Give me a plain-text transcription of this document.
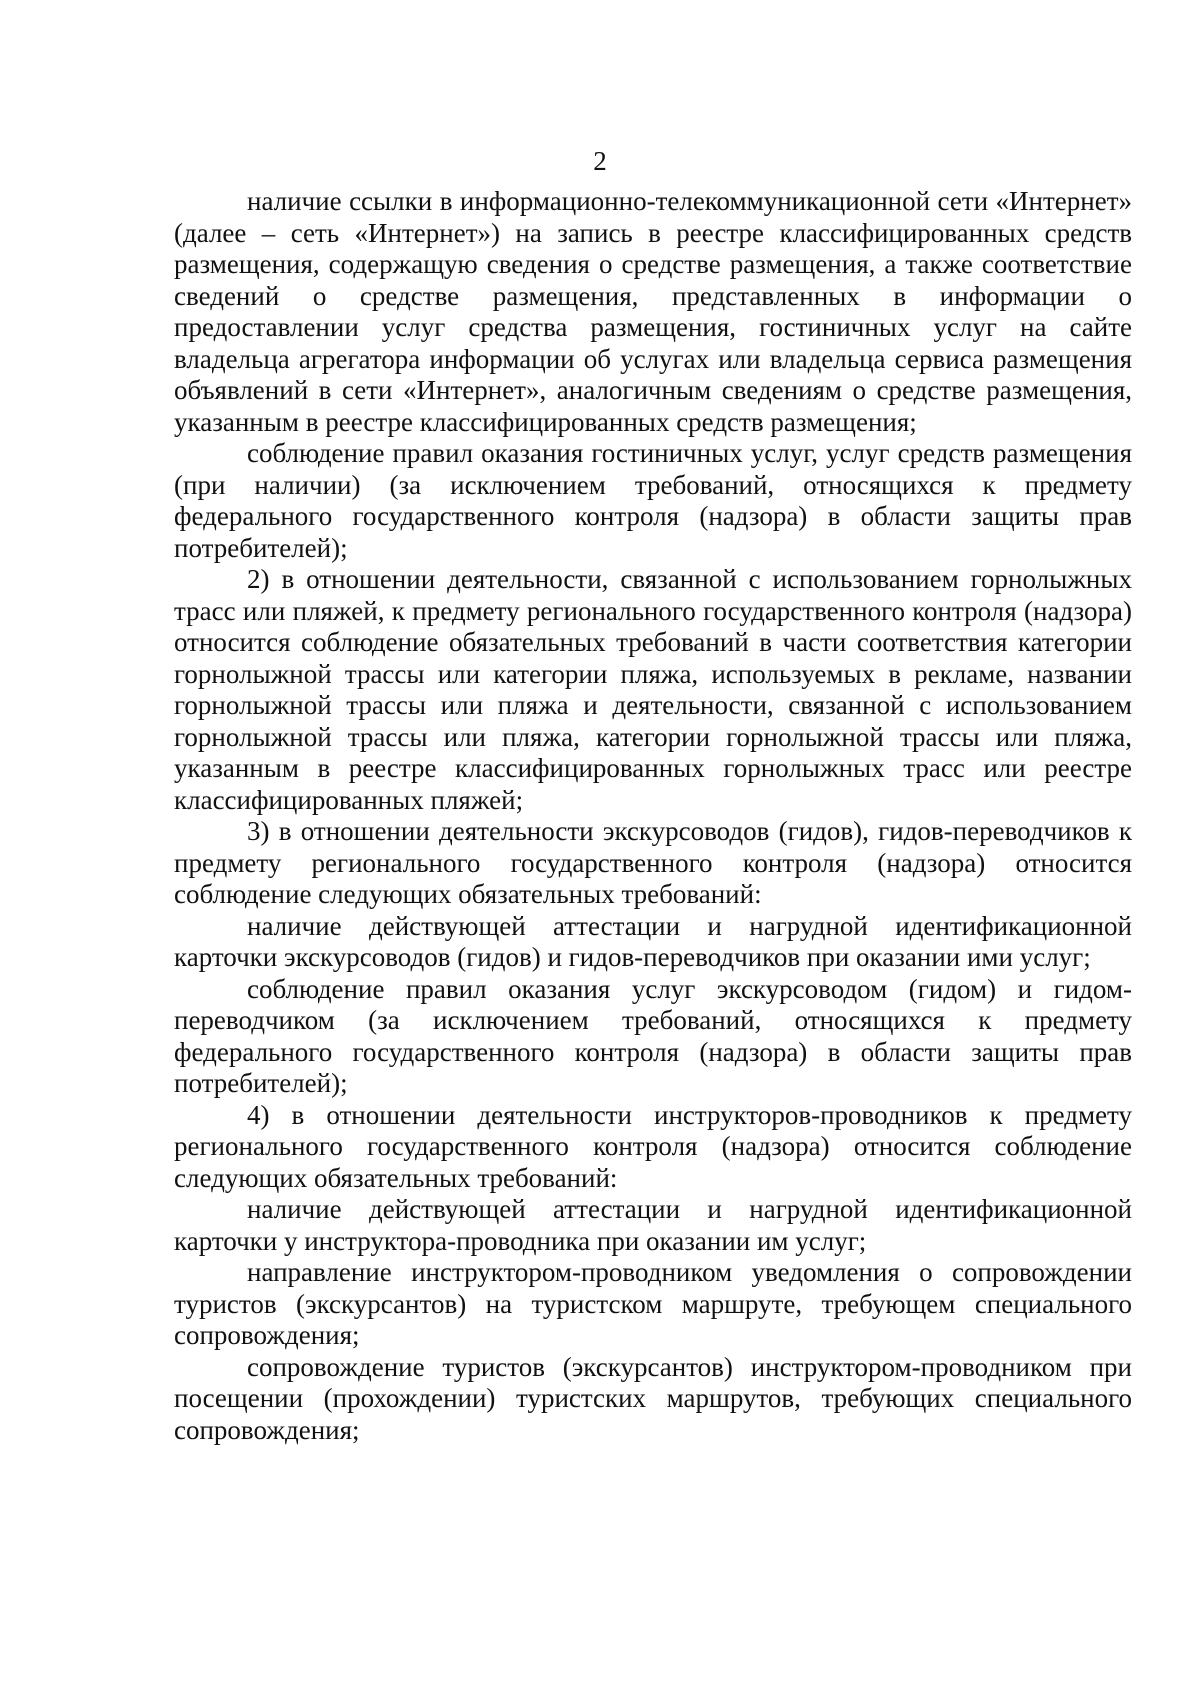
2

наличие ссылки в информационно-телекоммуникационной сети «Интернет» (далее – сеть «Интернет») на запись в реестре классифицированных средств размещения, содержащую сведения о средстве размещения, а также соответствие сведений о средстве размещения, представленных в информации о предоставлении услуг средства размещения, гостиничных услуг на сайте владельца агрегатора информации об услугах или владельца сервиса размещения объявлений в сети «Интернет», аналогичным сведениям о средстве размещения, указанным в реестре классифицированных средств размещения;

соблюдение правил оказания гостиничных услуг, услуг средств размещения (при наличии) (за исключением требований, относящихся к предмету федерального государственного контроля (надзора) в области защиты прав потребителей);

2) в отношении деятельности, связанной с использованием горнолыжных трасс или пляжей, к предмету регионального государственного контроля (надзора) относится соблюдение обязательных требований в части соответствия категории горнолыжной трассы или категории пляжа, используемых в рекламе, названии горнолыжной трассы или пляжа и деятельности, связанной с использованием горнолыжной трассы или пляжа, категории горнолыжной трассы или пляжа, указанным в реестре классифицированных горнолыжных трасс или реестре классифицированных пляжей;

3) в отношении деятельности экскурсоводов (гидов), гидов-переводчиков к предмету регионального государственного контроля (надзора) относится соблюдение следующих обязательных требований:

наличие действующей аттестации и нагрудной идентификационной карточки экскурсоводов (гидов) и гидов-переводчиков при оказании ими услуг;

соблюдение правил оказания услуг экскурсоводом (гидом) и гидом-переводчиком (за исключением требований, относящихся к предмету федерального государственного контроля (надзора) в области защиты прав потребителей);

4) в отношении деятельности инструкторов-проводников к предмету регионального государственного контроля (надзора) относится соблюдение следующих обязательных требований:

наличие действующей аттестации и нагрудной идентификационной карточки у инструктора-проводника при оказании им услуг;

направление инструктором-проводником уведомления о сопровождении туристов (экскурсантов) на туристском маршруте, требующем специального сопровождения;

сопровождение туристов (экскурсантов) инструктором-проводником при посещении (прохождении) туристских маршрутов, требующих специального сопровождения;
